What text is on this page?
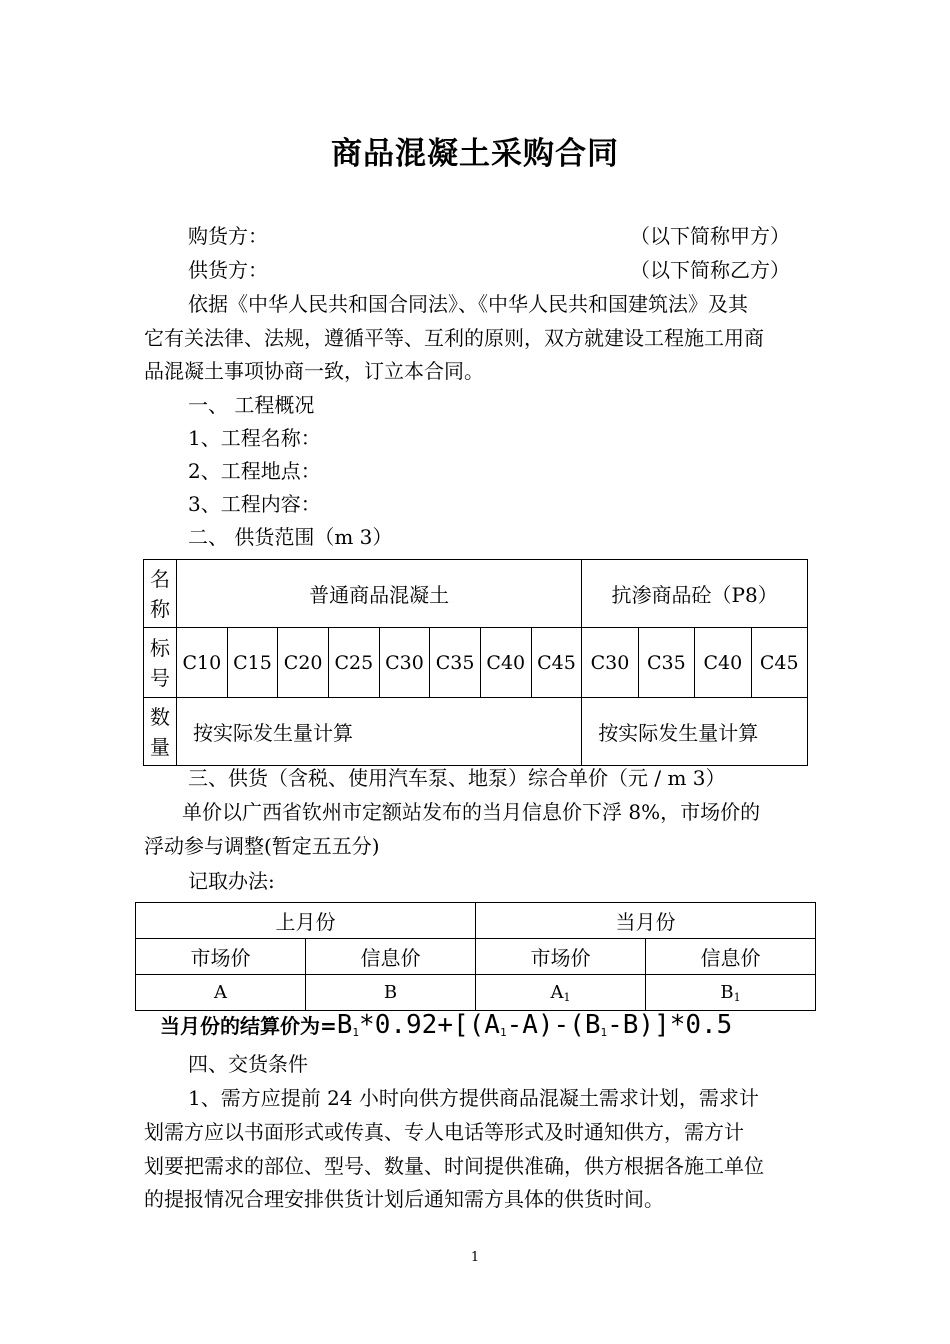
商品混凝土采购合同
购货方：	（以下简称甲方）
供货方：	（以下简称乙方）
依据《中华人民共和国合同法》、《中华人民共和国建筑法》及其
它有关法律、法规，遵循平等、互利的原则，双方就建设工程施工用商
品混凝土事项协商一致，订立本合同。
一、 工程概况
1、工程名称：
2、工程地点：
3、工程内容：
二、 供货范围（m 3）
名
称	普通商品混凝土								抗渗商品砼（P8）			

标
号	C10	C15	C20	C25	C30	C35	C40	C45	C30	C35	C40	C45

数
量	按实际发生量计算								按实际发生量计算			
三、供货（含税、使用汽车泵、地泵）综合单价（元 / m 3）
单价以广西省钦州市定额站发布的当月信息价下浮 8%，市场价的
浮动参与调整(暂定五五分)
记取办法:
上月份		当月份	
市场价	信息价	市场价	信息价
A	B	$A_1$	$B_1$
当月份的结算价为$=B_1*0.92+[(A_1-A)-(B_1-B)]*0.5$
四、交货条件
1、需方应提前 24 小时向供方提供商品混凝土需求计划，需求计
划需方应以书面形式或传真、专人电话等形式及时通知供方，需方计
划要把需求的部位、型号、数量、时间提供准确，供方根据各施工单位
的提报情况合理安排供货计划后通知需方具体的供货时间。
1
